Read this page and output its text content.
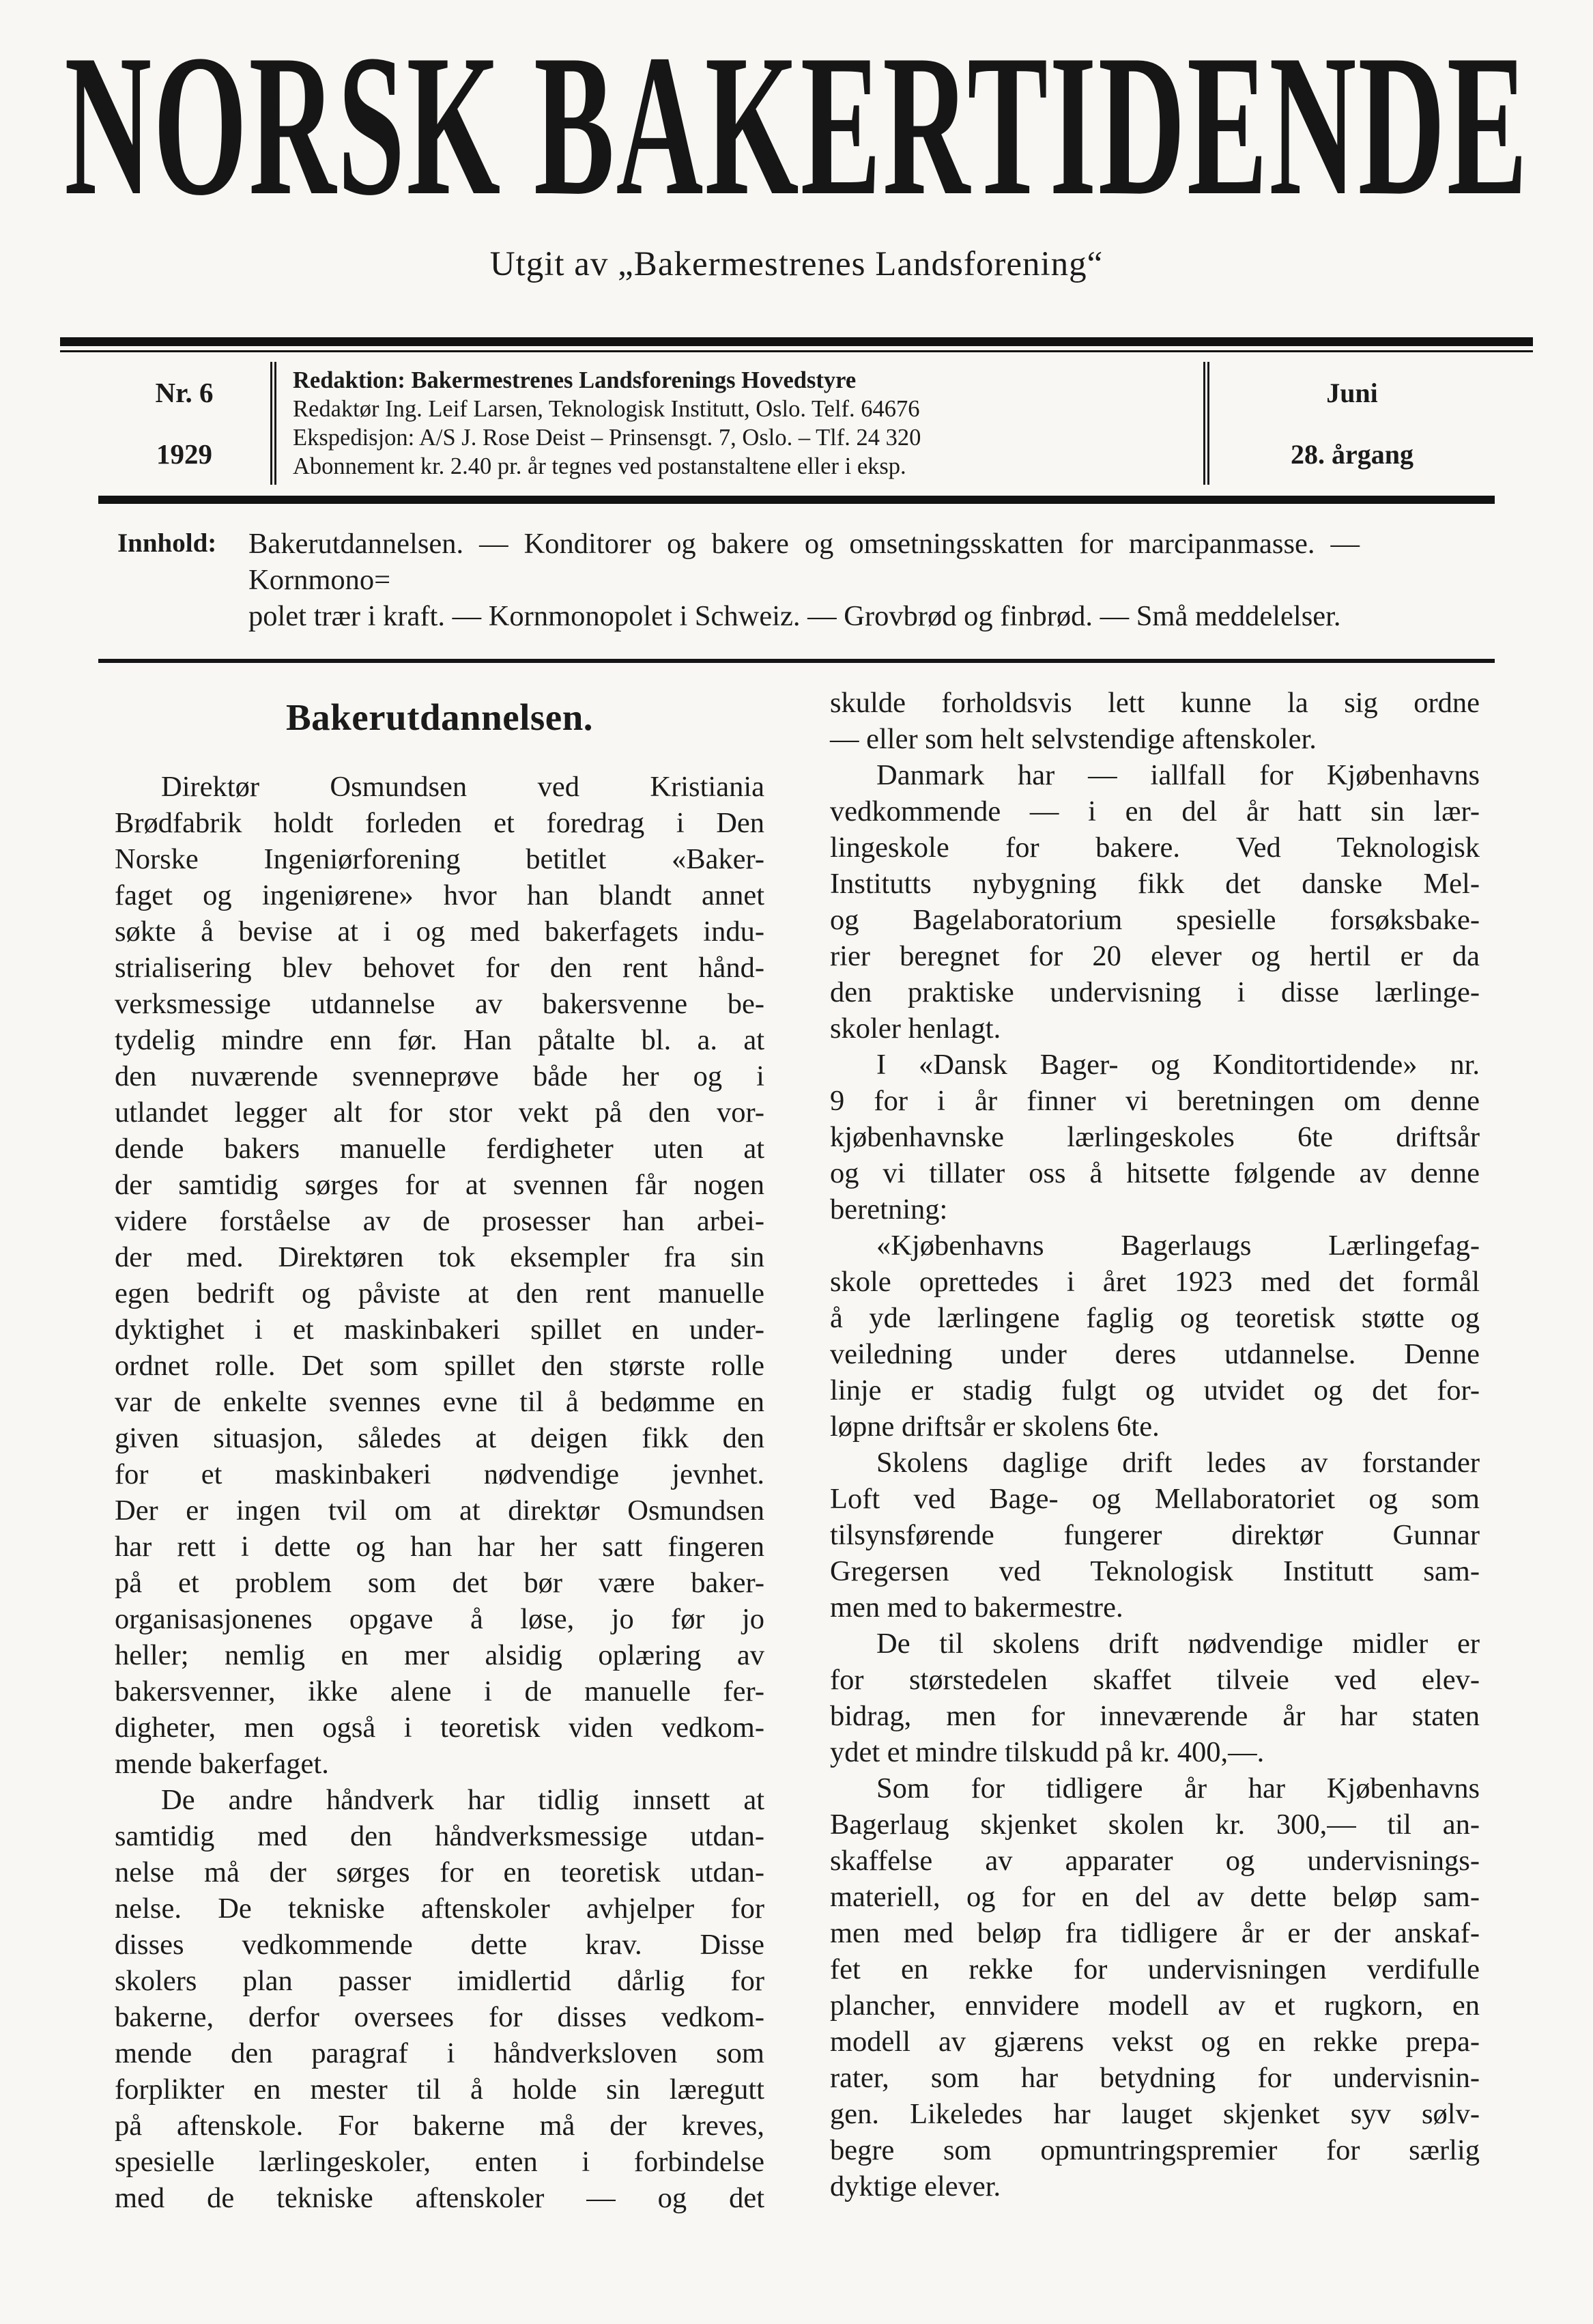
NORSK BAKERTIDENDE
Utgit av „Bakermestrenes Landsforening“
Nr. 6
1929
Redaktion: Bakermestrenes Landsforenings Hovedstyre
Redaktør Ing. Leif Larsen, Teknologisk Institutt, Oslo. Telf. 64676
Ekspedisjon: A/S J. Rose Deist – Prinsensgt. 7, Oslo. – Tlf. 24 320
Abonnement kr. 2.40 pr. år tegnes ved postanstaltene eller i eksp.
Juni
28. årgang
Innhold:	Bakerutdannelsen. — Konditorer og bakere og omsetningsskatten for marcipanmasse. — Kornmono=
polet trær i kraft. — Kornmonopolet i Schweiz. — Grovbrød og finbrød. — Små meddelelser.
Bakerutdannelsen.
Direktør Osmundsen ved Kristiania
Brødfabrik holdt forleden et foredrag i Den
Norske Ingeniørforening betitlet «Baker-
faget og ingeniørene» hvor han blandt annet
søkte å bevise at i og med bakerfagets indu-
strialisering blev behovet for den rent hånd-
verksmessige utdannelse av bakersvenne be-
tydelig mindre enn før. Han påtalte bl. a. at
den nuværende svenneprøve både her og i
utlandet legger alt for stor vekt på den vor-
dende bakers manuelle ferdigheter uten at
der samtidig sørges for at svennen får nogen
videre forståelse av de prosesser han arbei-
der med. Direktøren tok eksempler fra sin
egen bedrift og påviste at den rent manuelle
dyktighet i et maskinbakeri spillet en under-
ordnet rolle. Det som spillet den største rolle
var de enkelte svennes evne til å bedømme en
given situasjon, således at deigen fikk den
for et maskinbakeri nødvendige jevnhet.
Der er ingen tvil om at direktør Osmundsen
har rett i dette og han har her satt fingeren
på et problem som det bør være baker-
organisasjonenes opgave å løse, jo før jo
heller; nemlig en mer alsidig oplæring av
bakersvenner, ikke alene i de manuelle fer-
digheter, men også i teoretisk viden vedkom-
mende bakerfaget.
De andre håndverk har tidlig innsett at
samtidig med den håndverksmessige utdan-
nelse må der sørges for en teoretisk utdan-
nelse. De tekniske aftenskoler avhjelper for
disses vedkommende dette krav. Disse
skolers plan passer imidlertid dårlig for
bakerne, derfor oversees for disses vedkom-
mende den paragraf i håndverksloven som
forplikter en mester til å holde sin læregutt
på aftenskole. For bakerne må der kreves,
spesielle lærlingeskoler, enten i forbindelse
med de tekniske aftenskoler — og det
skulde forholdsvis lett kunne la sig ordne
— eller som helt selvstendige aftenskoler.
Danmark har — iallfall for Kjøbenhavns
vedkommende — i en del år hatt sin lær-
lingeskole for bakere. Ved Teknologisk
Institutts nybygning fikk det danske Mel-
og Bagelaboratorium spesielle forsøksbake-
rier beregnet for 20 elever og hertil er da
den praktiske undervisning i disse lærlinge-
skoler henlagt.
I «Dansk Bager- og Konditortidende» nr.
9 for i år finner vi beretningen om denne
kjøbenhavnske lærlingeskoles 6te driftsår
og vi tillater oss å hitsette følgende av denne
beretning:
«Kjøbenhavns Bagerlaugs Lærlingefag-
skole oprettedes i året 1923 med det formål
å yde lærlingene faglig og teoretisk støtte og
veiledning under deres utdannelse. Denne
linje er stadig fulgt og utvidet og det for-
løpne driftsår er skolens 6te.
Skolens daglige drift ledes av forstander
Loft ved Bage- og Mellaboratoriet og som
tilsynsførende fungerer direktør Gunnar
Gregersen ved Teknologisk Institutt sam-
men med to bakermestre.
De til skolens drift nødvendige midler er
for størstedelen skaffet tilveie ved elev-
bidrag, men for inneværende år har staten
ydet et mindre tilskudd på kr. 400,—.
Som for tidligere år har Kjøbenhavns
Bagerlaug skjenket skolen kr. 300,— til an-
skaffelse av apparater og undervisnings-
materiell, og for en del av dette beløp sam-
men med beløp fra tidligere år er der anskaf-
fet en rekke for undervisningen verdifulle
plancher, ennvidere modell av et rugkorn, en
modell av gjærens vekst og en rekke prepa-
rater, som har betydning for undervisnin-
gen. Likeledes har lauget skjenket syv sølv-
begre som opmuntringspremier for særlig
dyktige elever.
